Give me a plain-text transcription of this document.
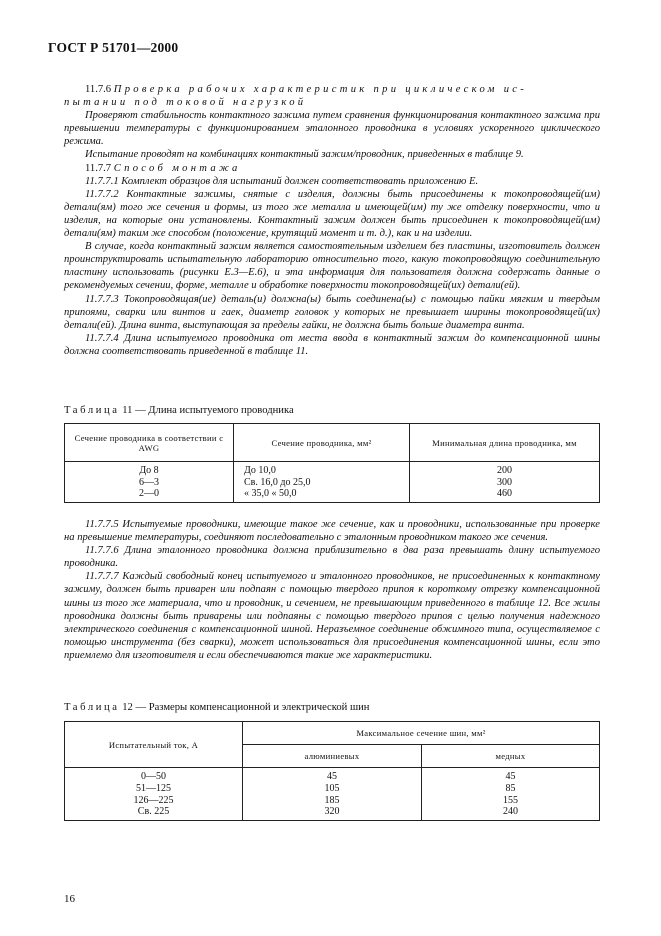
ГОСТ Р 51701—2000

11.7.6 Проверка рабочих характеристик при циклическом ис-

пытании под токовой нагрузкой

Проверяют стабильность контактного зажима путем сравнения функционирования контактного зажима при превышении температуры с функционированием эталонного проводника в условиях ускоренного циклического режима.

Испытание проводят на комбинациях контактный зажим/проводник, приведенных в таблице 9.

11.7.7 Способ монтажа

11.7.7.1 Комплект образцов для испытаний должен соответствовать приложению Е.

11.7.7.2 Контактные зажимы, снятые с изделия, должны быть присоединены к токопроводящей(им) детали(ям) того же сечения и формы, из того же металла и имеющей(им) ту же отделку поверхности, что и изделия, на которые они установлены. Контактный зажим должен быть присоединен к токопроводящей(им) детали(ям) таким же способом (положение, крутящий момент и т. д.), как и на изделии.

В случае, когда контактный зажим является самостоятельным изделием без пластины, изготовитель должен проинструктировать испытательную лабораторию относительно того, какую токопроводящую соединительную пластину использовать (рисунки Е.3—Е.6), и эта информация для пользователя должна содержать данные о рекомендуемых сечении, форме, металле и обработке поверхности токопроводящей(их) детали(ей).

11.7.7.3 Токопроводящая(ие) деталь(и) должна(ы) быть соединена(ы) с помощью пайки мягким и твердым припоями, сварки или винтов и гаек, диаметр головок у которых не превышает ширины токопроводящей(их) детали(ей). Длина винта, выступающая за пределы гайки, не должна быть больше диаметра винта.

11.7.7.4 Длина испытуемого проводника от места ввода в контактный зажим до компенсационной шины должна соответствовать приведенной в таблице 11.

Таблица 11 — Длина испытуемого проводника
Сечение проводника в соответствии с AWG	Сечение проводника, мм²	Минимальная длина проводника, мм
До 8	До 10,0	200
6—3	Св. 16,0 до 25,0	300
2—0	« 35,0 « 50,0	460

11.7.7.5 Испытуемые проводники, имеющие такое же сечение, как и проводники, использованные при проверке на превышение температуры, соединяют последовательно с эталонным проводником такого же сечения.

11.7.7.6 Длина эталонного проводника должна приблизительно в два раза превышать длину испытуемого проводника.

11.7.7.7 Каждый свободный конец испытуемого и эталонного проводников, не присоединенных к контактному зажиму, должен быть приварен или подпаян с помощью твердого припоя к короткому отрезку компенсационной шины из того же материала, что и проводник, и сечением, не превышающим приведенного в таблице 12. Все жилы проводника должны быть приварены или подпаяны с помощью твердого припоя с целью получения надежного электрического соединения с компенсационной шиной. Неразъемное соединение обжимного типа, осуществляемое с помощью инструмента (без сварки), может использоваться для присоединения компенсационной шины, если это приемлемо для изготовителя и если обеспечиваются такие же характеристики.

Таблица 12 — Размеры компенсационной и электрической шин
Испытательный ток, А	Максимальное сечение шин, мм²	
	алюминиевых	медных
0—50	45	45
51—125	105	85
126—225	185	155
Св. 225	320	240
16
